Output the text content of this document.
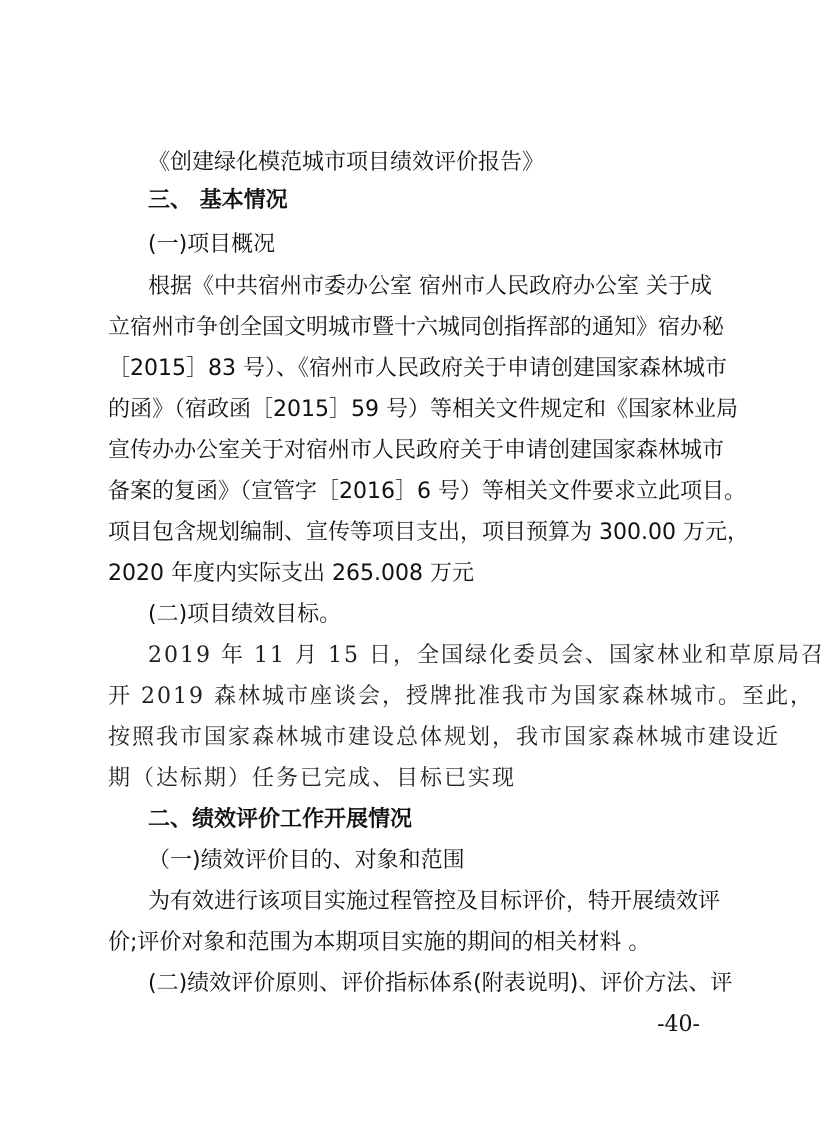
《创建绿化模范城市项目绩效评价报告》
三、 基本情况
(一)项目概况
根据《中共宿州市委办公室 宿州市人民政府办公室 关于成
立宿州市争创全国文明城市暨十六城同创指挥部的通知》宿办秘
［2015］83 号）、《宿州市人民政府关于申请创建国家森林城市
的函》（宿政函［2015］59 号）等相关文件规定和《国家林业局
宣传办办公室关于对宿州市人民政府关于申请创建国家森林城市
备案的复函》（宣管字［2016］6 号）等相关文件要求立此项目。
项目包含规划编制、宣传等项目支出，项目预算为 300.00 万元，
2020 年度内实际支出 265.008 万元
(二)项目绩效目标。
2019 年 11 月 15 日，全国绿化委员会、国家林业和草原局召
开 2019 森林城市座谈会，授牌批准我市为国家森林城市。至此，
按照我市国家森林城市建设总体规划，我市国家森林城市建设近
期（达标期）任务已完成、目标已实现
二、绩效评价工作开展情况
（一)绩效评价目的、对象和范围
为有效进行该项目实施过程管控及目标评价，特开展绩效评
价;评价对象和范围为本期项目实施的期间的相关材料 。
(二)绩效评价原则、评价指标体系(附表说明)、评价方法、评
-40-
